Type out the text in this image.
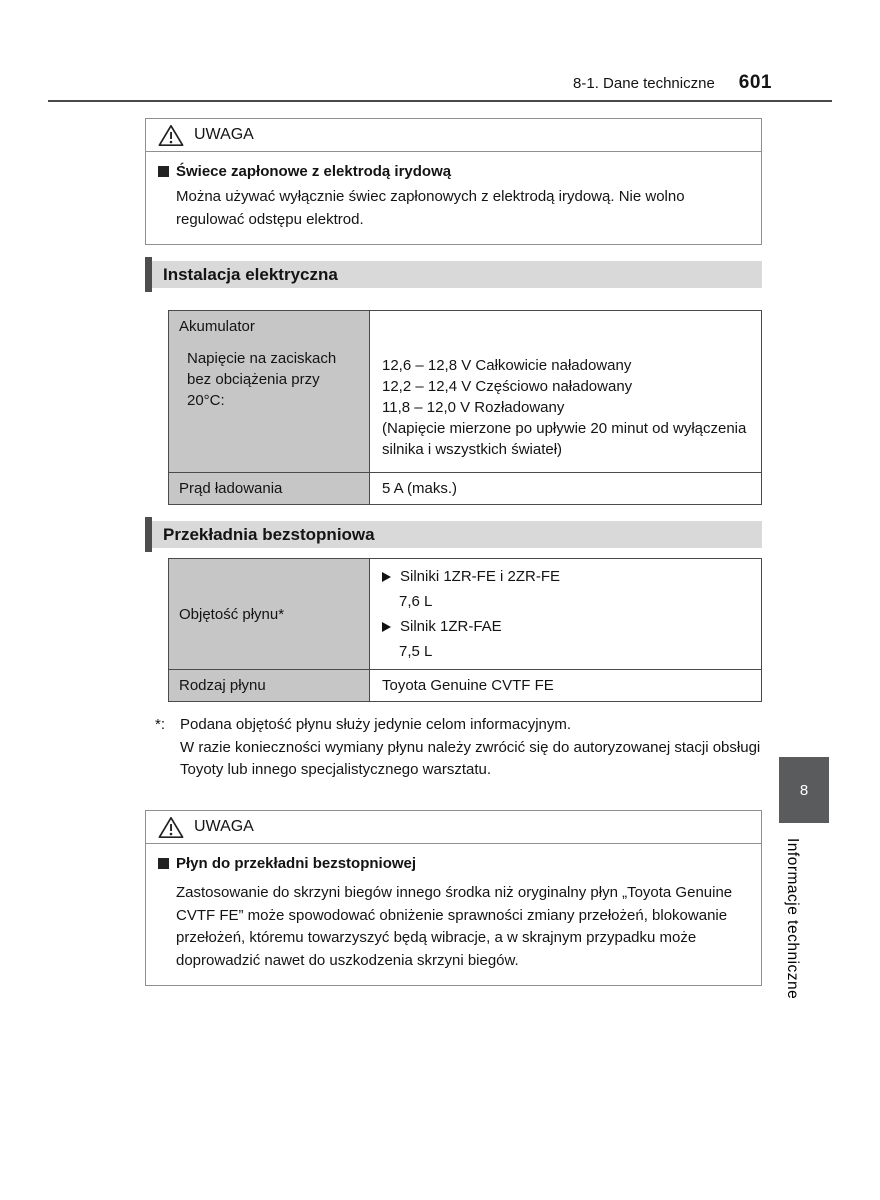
8-1. Dane techniczne 601
UWAGA
Świece zapłonowe z elektrodą irydową
Można używać wyłącznie świec zapłonowych z elektrodą irydową. Nie wolno regulować odstępu elektrod.
Instalacja elektryczna
Akumulator
Napięcie na zaciskach bez obciążenia przy 20°C:
12,6 – 12,8 V Całkowicie naładowany
12,2 – 12,4 V Częściowo naładowany
11,8 – 12,0 V Rozładowany
(Napięcie mierzone po upływie 20 minut od wyłączenia silnika i wszystkich świateł)
Prąd ładowania	5 A (maks.)
Przekładnia bezstopniowa
Objętość płynu*
Silniki 1ZR-FE i 2ZR-FE
7,6 L
Silnik 1ZR-FAE
7,5 L
Rodzaj płynu	Toyota Genuine CVTF FE
*: Podana objętość płynu służy jedynie celom informacyjnym.
W razie konieczności wymiany płynu należy zwrócić się do autoryzowanej stacji obsługi Toyoty lub innego specjalistycznego warsztatu.
UWAGA
Płyn do przekładni bezstopniowej
Zastosowanie do skrzyni biegów innego środka niż oryginalny płyn „Toyota Genuine CVTF FE” może spowodować obniżenie sprawności zmiany przełożeń, blokowanie przełożeń, któremu towarzyszyć będą wibracje, a w skrajnym przypadku może doprowadzić nawet do uszkodzenia skrzyni biegów.
8
Informacje techniczne
